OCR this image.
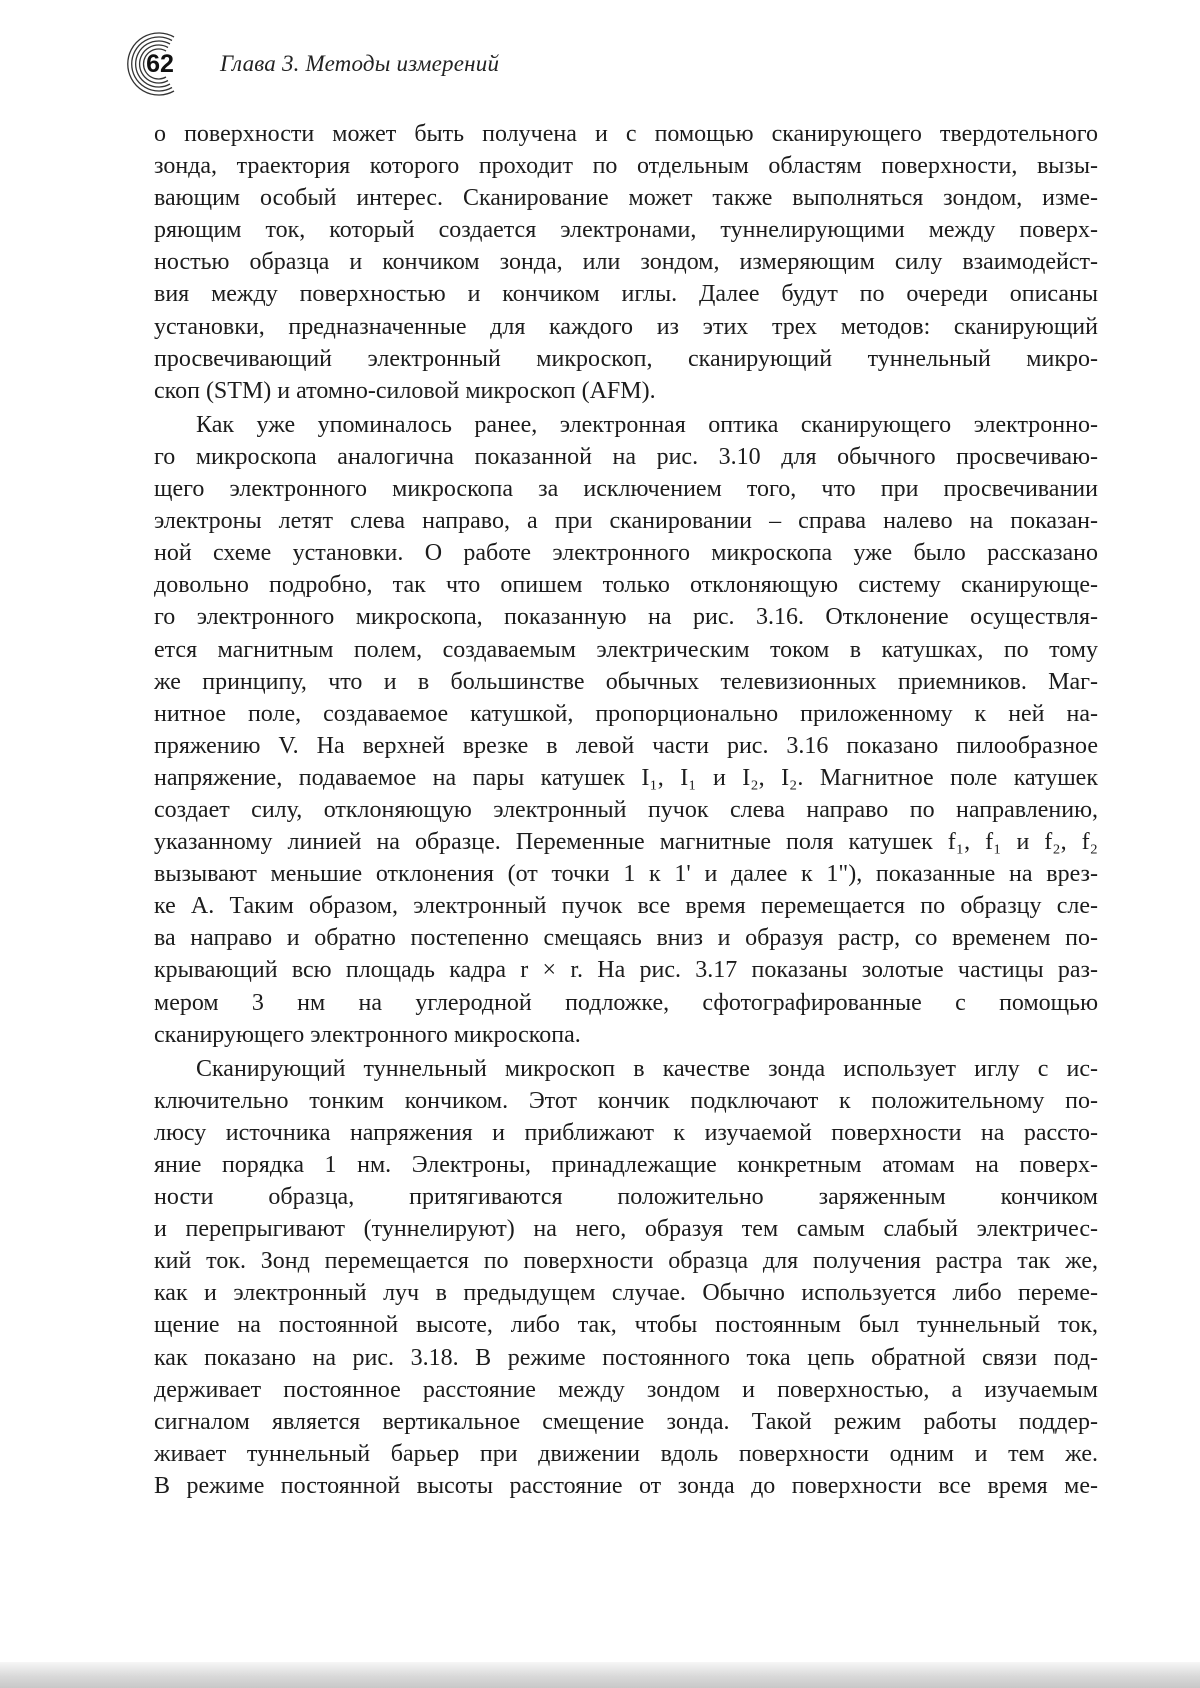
62	Глава 3. Методы измерений

о поверхности может быть получена и с помощью сканирующего твердотельного
зонда, траектория которого проходит по отдельным областям поверхности, вызы-
вающим особый интерес. Сканирование может также выполняться зондом, изме-
ряющим ток, который создается электронами, туннелирующими между поверх-
ностью образца и кончиком зонда, или зондом, измеряющим силу взаимодейст-
вия между поверхностью и кончиком иглы. Далее будут по очереди описаны
установки, предназначенные для каждого из этих трех методов: сканирующий
просвечивающий электронный микроскоп, сканирующий туннельный микро-
скоп (STM) и атомно-силовой микроскоп (AFM).

Как уже упоминалось ранее, электронная оптика сканирующего электронно-
го микроскопа аналогична показанной на рис. 3.10 для обычного просвечиваю-
щего электронного микроскопа за исключением того, что при просвечивании
электроны летят слева направо, а при сканировании – справа налево на показан-
ной схеме установки. О работе электронного микроскопа уже было рассказано
довольно подробно, так что опишем только отклоняющую систему сканирующе-
го электронного микроскопа, показанную на рис. 3.16. Отклонение осуществля-
ется магнитным полем, создаваемым электрическим током в катушках, по тому
же принципу, что и в большинстве обычных телевизионных приемников. Маг-
нитное поле, создаваемое катушкой, пропорционально приложенному к ней на-
пряжению V. На верхней врезке в левой части рис. 3.16 показано пилообразное
напряжение, подаваемое на пары катушек I₁, I₁ и I₂, I₂. Магнитное поле катушек
создает силу, отклоняющую электронный пучок слева направо по направлению,
указанному линией на образце. Переменные магнитные поля катушек f₁, f₁ и f₂, f₂
вызывают меньшие отклонения (от точки 1 к 1' и далее к 1"), показанные на врез-
ке A. Таким образом, электронный пучок все время перемещается по образцу сле-
ва направо и обратно постепенно смещаясь вниз и образуя растр, со временем по-
крывающий всю площадь кадра r × r. На рис. 3.17 показаны золотые частицы раз-
мером 3 нм на углеродной подложке, сфотографированные с помощью
сканирующего электронного микроскопа.

Сканирующий туннельный микроскоп в качестве зонда использует иглу с ис-
ключительно тонким кончиком. Этот кончик подключают к положительному по-
люсу источника напряжения и приближают к изучаемой поверхности на рассто-
яние порядка 1 нм. Электроны, принадлежащие конкретным атомам на поверх-
ности образца, притягиваются положительно заряженным кончиком
и перепрыгивают (туннелируют) на него, образуя тем самым слабый электричес-
кий ток. Зонд перемещается по поверхности образца для получения растра так же,
как и электронный луч в предыдущем случае. Обычно используется либо переме-
щение на постоянной высоте, либо так, чтобы постоянным был туннельный ток,
как показано на рис. 3.18. В режиме постоянного тока цепь обратной связи под-
держивает постоянное расстояние между зондом и поверхностью, а изучаемым
сигналом является вертикальное смещение зонда. Такой режим работы поддер-
живает туннельный барьер при движении вдоль поверхности одним и тем же.
В режиме постоянной высоты расстояние от зонда до поверхности все время ме-
